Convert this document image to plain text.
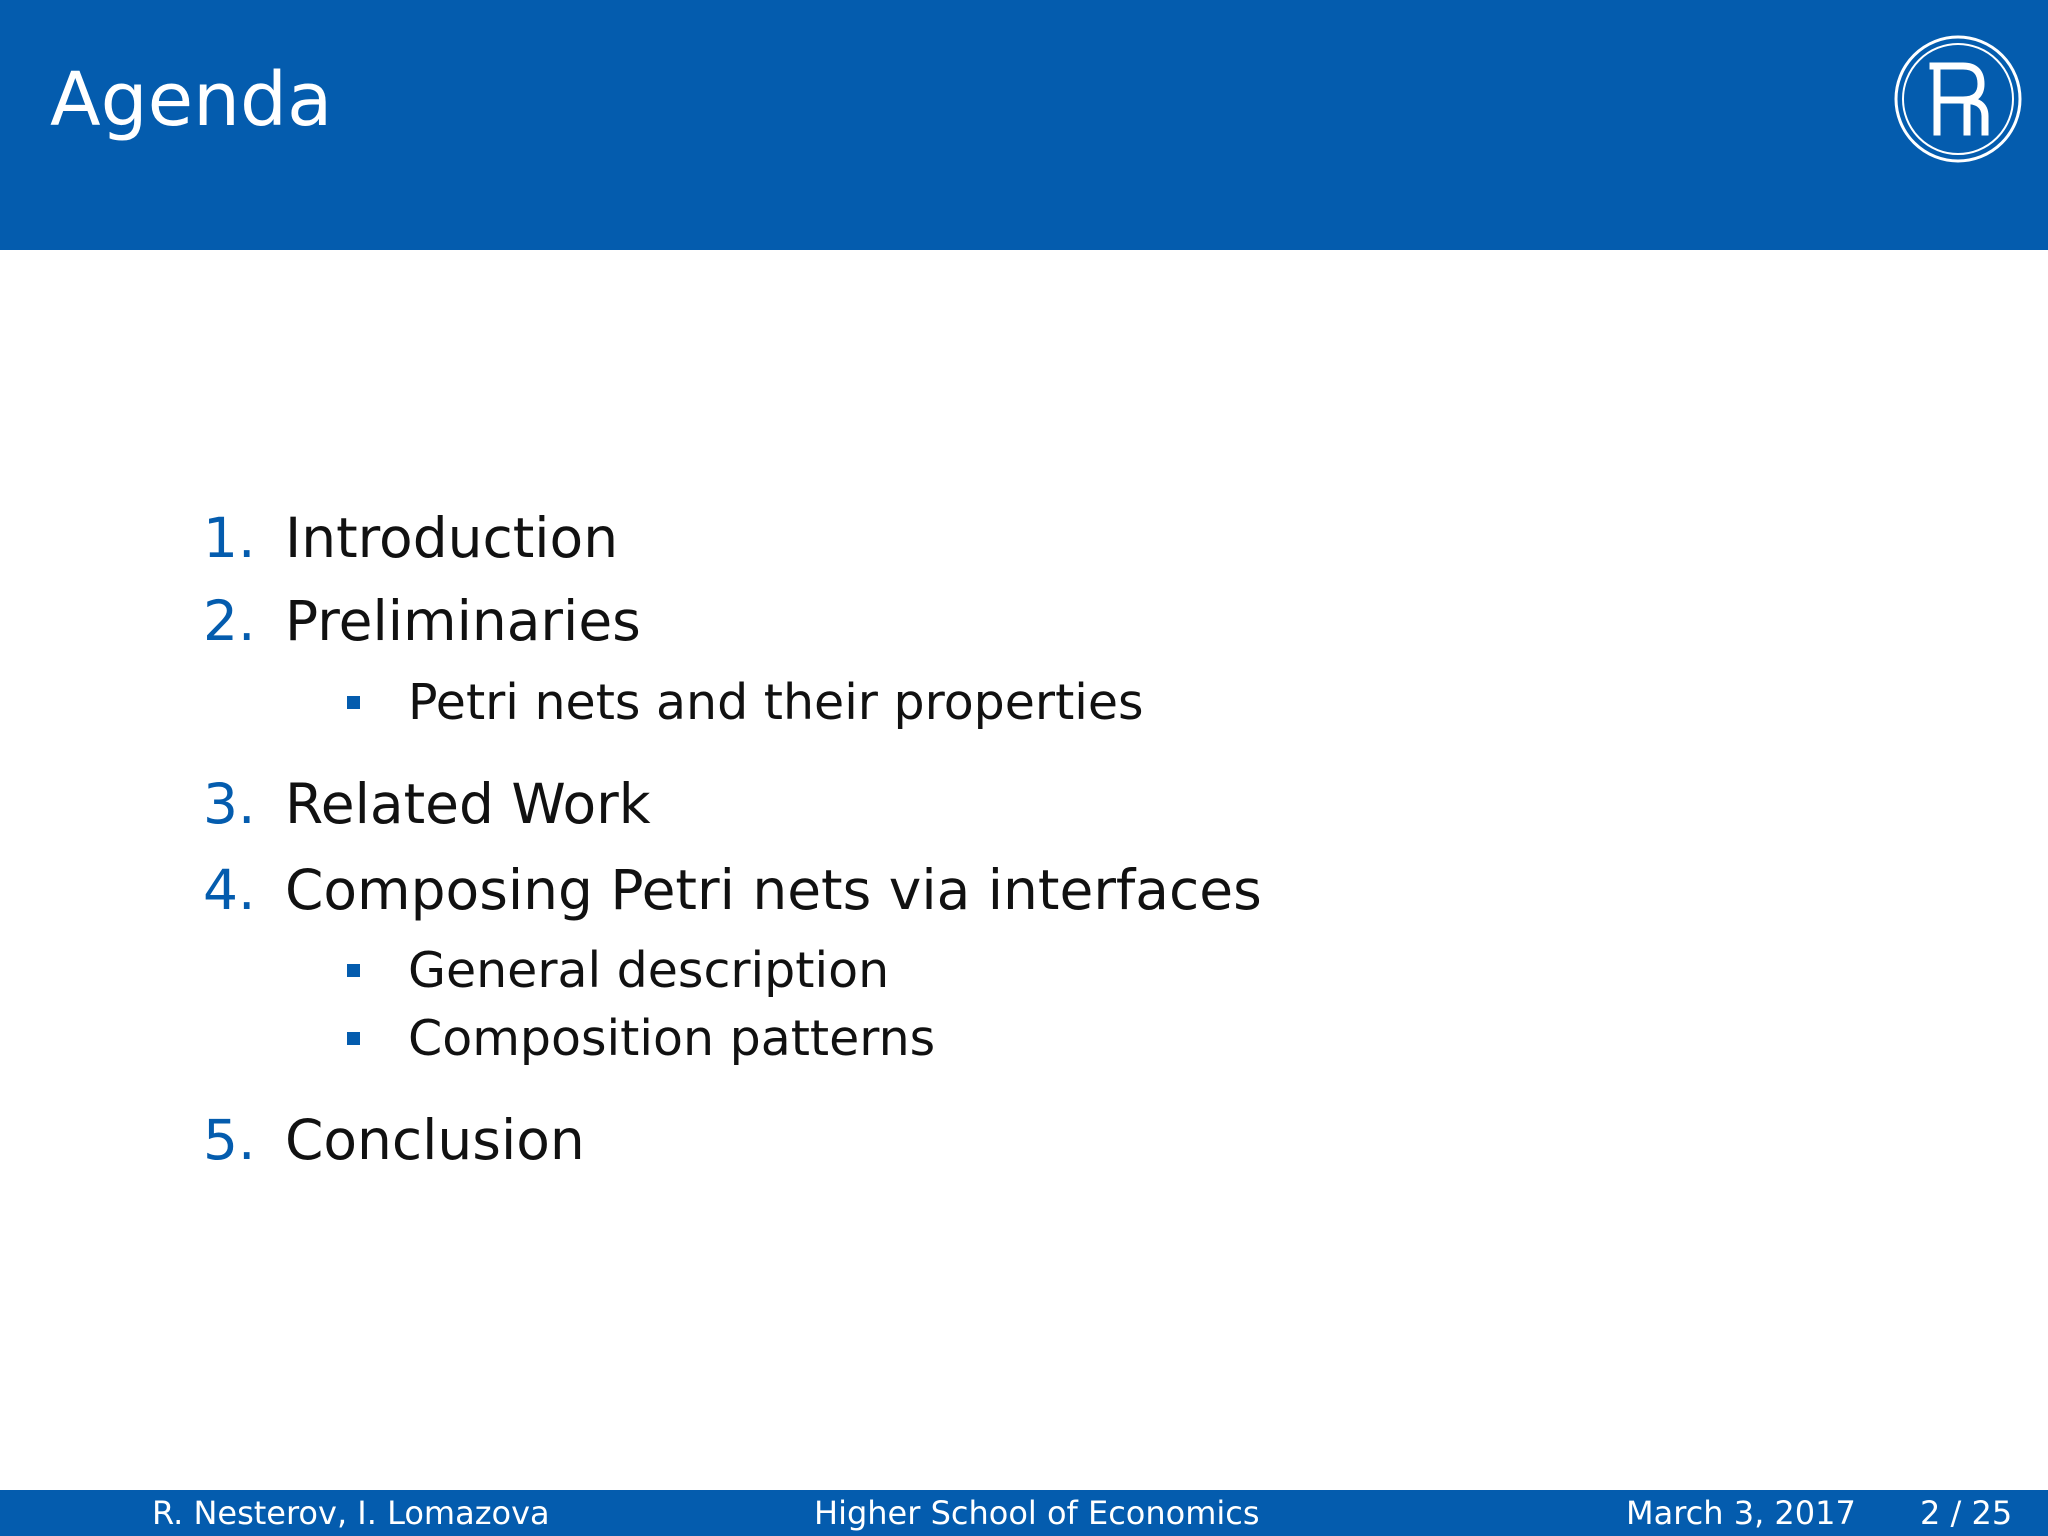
Agenda
1. Introduction
2. Preliminaries
Petri nets and their properties
3. Related Work
4. Composing Petri nets via interfaces
General description
Composition patterns
5. Conclusion
R. Nesterov, I. Lomazova	Higher School of Economics	March 3, 2017 2 / 25
